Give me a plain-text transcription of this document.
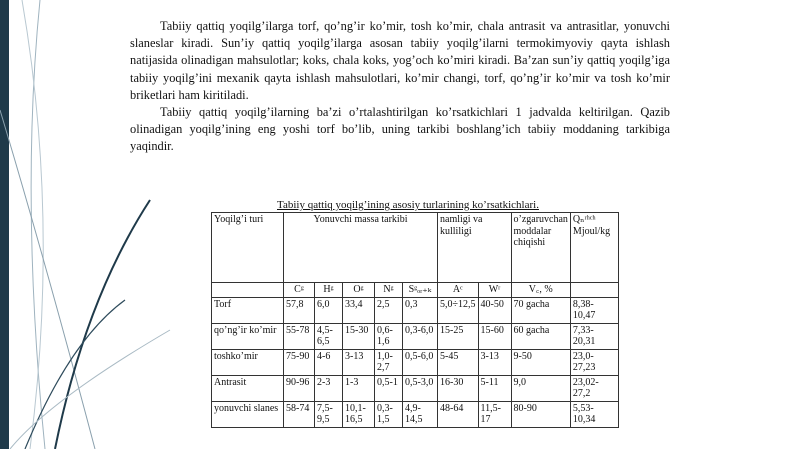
Tabiiy qattiq yoqilg’ilarga torf, qo’ng’ir ko’mir, tosh ko’mir, chala antrasit va antrasitlar, yonuvchi slaneslar kiradi. Sun’iy qattiq yoqilg’ilarga asosan tabiiy yoqilg’ilarni termokimyoviy qayta ishlash natijasida olinadigan mahsulotlar; koks, chala koks, yog’och ko’miri kiradi. Ba’zan sun’iy qattiq yoqilg’iga tabiiy yoqilg’ini mexanik qayta ishlash mahsulotlari, ko’mir changi, torf, qo’ng’ir ko’mir va tosh ko’mir briketlari ham kiritiladi.

Tabiiy qattiq yoqilg’ilarning ba’zi o’rtalashtirilgan ko’rsatkichlari 1 jadvalda keltirilgan. Qazib olinadigan yoqilg’ining eng yoshi torf bo’lib, uning tarkibi boshlang’ich tabiiy moddaning tarkibiga yaqindir.

Tabiiy qattiq yoqilg’ining asosiy turlarining ko’rsatkichlari.
Yoqilg’i turi	Yonuvchi massa tarkibi					namligi va kulliligi		o’zgaruvchan moddalar chiqishi	Qₙʳʰᶜʰ Mjoul/kg
	Cᵍ	Hᵍ	Oᵍ	Nᵍ	Sᵍₒᵣ₊ₖ	Aᶜ	Wʳ	V꜀, %	
Torf	57,8	6,0	33,4	2,5	0,3	5,0÷12,5	40-50	70 gacha	8,38-10,47
qo’ng’ir ko’mir	55-78	4,5-6,5	15-30	0,6-1,6	0,3-6,0	15-25	15-60	60 gacha	7,33-20,31
toshko’mir	75-90	4-6	3-13	1,0-2,7	0,5-6,0	5-45	3-13	9-50	23,0-27,23
Antrasit	90-96	2-3	1-3	0,5-1	0,5-3,0	16-30	5-11	9,0	23,02-27,2
yonuvchi slanes	58-74	7,5-9,5	10,1-16,5	0,3-1,5	4,9-14,5	48-64	11,5-17	80-90	5,53-10,34
